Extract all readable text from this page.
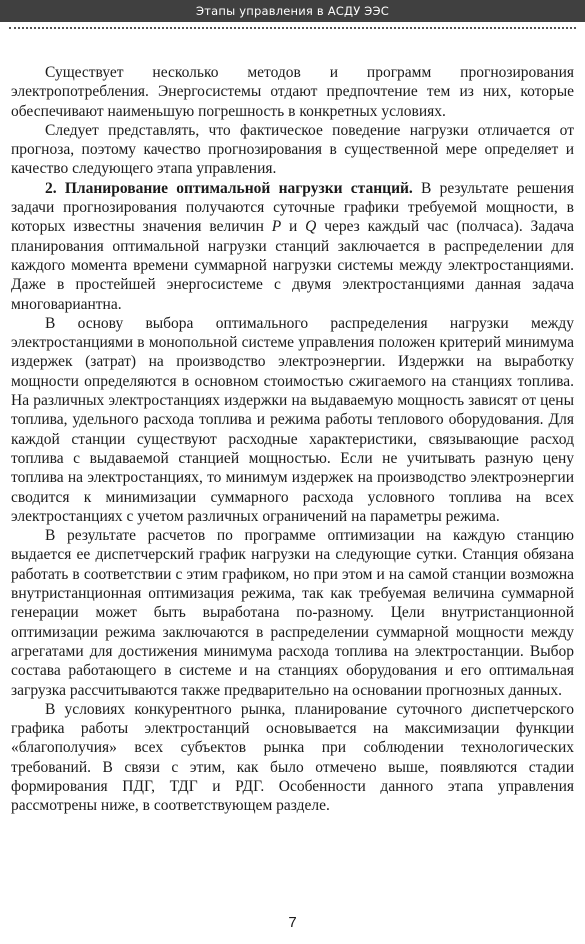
Этапы управления в АСДУ ЭЭС

Существует несколько методов и программ прогнозирования электропотребления. Энергосистемы отдают предпочтение тем из них, которые обеспечивают наименьшую погрешность в конкретных условиях.

Следует представлять, что фактическое поведение нагрузки отличается от прогноза, поэтому качество прогнозирования в существенной мере определяет и качество следующего этапа управления.

2. Планирование оптимальной нагрузки станций. В результате решения задачи прогнозирования получаются суточные графики требуемой мощности, в которых известны значения величин P и Q через каждый час (полчаса). Задача планирования оптимальной нагрузки станций заключается в распределении для каждого момента времени суммарной нагрузки системы между электростанциями. Даже в простейшей энергосистеме с двумя электростанциями данная задача многовариантна.

В основу выбора оптимального распределения нагрузки между электростанциями в монопольной системе управления положен критерий минимума издержек (затрат) на производство электроэнергии. Издержки на выработку мощности определяются в основном стоимостью сжигаемого на станциях топлива. На различных электростанциях издержки на выдаваемую мощность зависят от цены топлива, удельного расхода топлива и режима работы теплового оборудования. Для каждой станции существуют расходные характеристики, связывающие расход топлива с выдаваемой станцией мощностью. Если не учитывать разную цену топлива на электростанциях, то минимум издержек на производство электроэнергии сводится к минимизации суммарного расхода условного топлива на всех электростанциях с учетом различных ограничений на параметры режима.

В результате расчетов по программе оптимизации на каждую станцию выдается ее диспетчерский график нагрузки на следующие сутки. Станция обязана работать в соответствии с этим графиком, но при этом и на самой станции возможна внутристанционная оптимизация режима, так как требуемая величина суммарной генерации может быть выработана по-разному. Цели внутристанционной оптимизации режима заключаются в распределении суммарной мощности между агрегатами для достижения минимума расхода топлива на электростанции. Выбор состава работающего в системе и на станциях оборудования и его оптимальная загрузка рассчитываются также предварительно на основании прогнозных данных.

В условиях конкурентного рынка, планирование суточного диспетчерского графика работы электростанций основывается на максимизации функции «благополучия» всех субъектов рынка при соблюдении технологических требований. В связи с этим, как было отмечено выше, появляются стадии формирования ПДГ, ТДГ и РДГ. Особенности данного этапа управления рассмотрены ниже, в соответствующем разделе.

7
